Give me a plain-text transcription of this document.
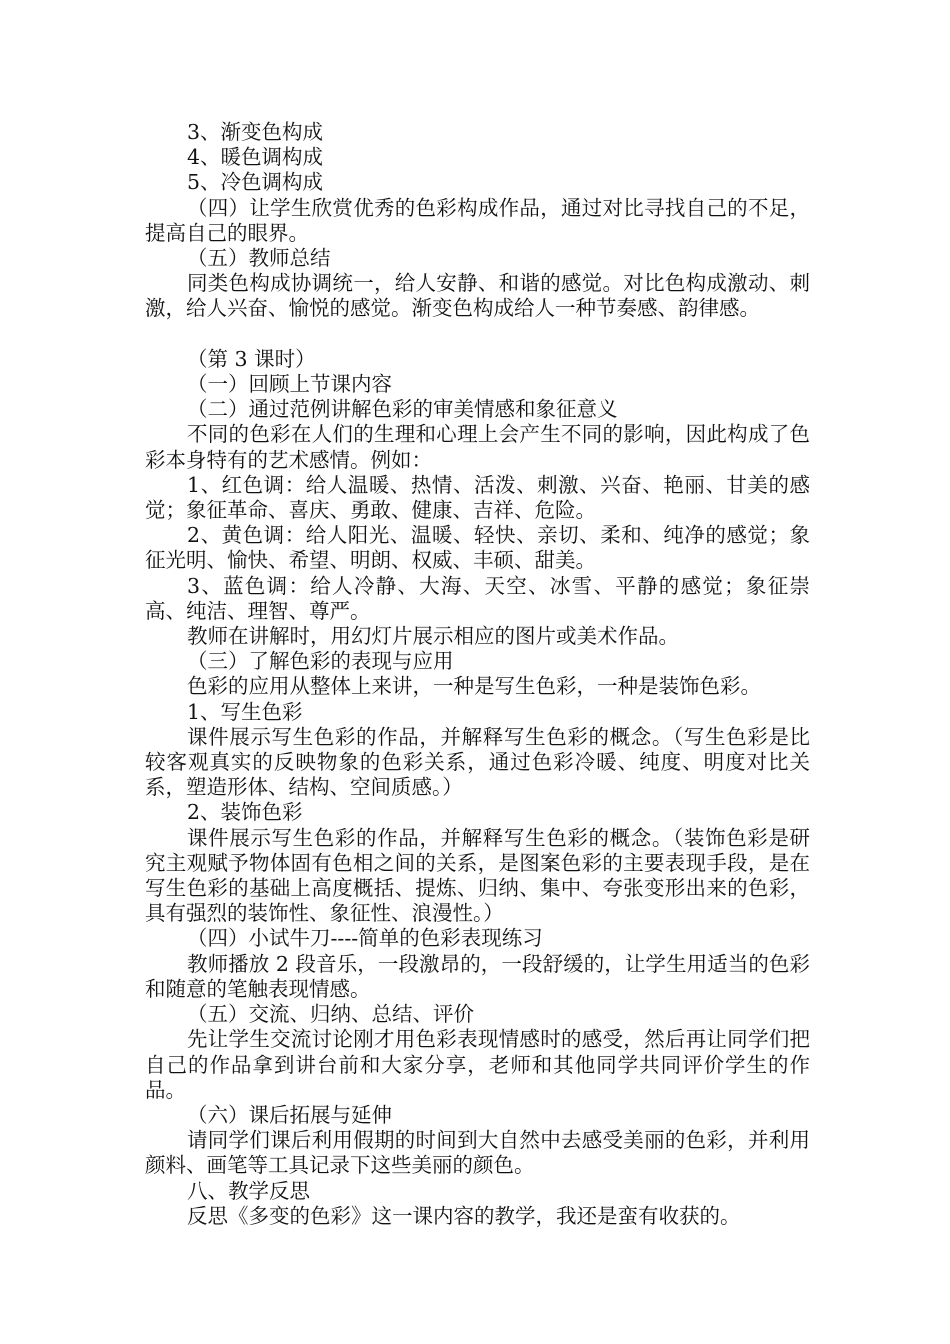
3、渐变色构成

4、暖色调构成

5、冷色调构成

（四）让学生欣赏优秀的色彩构成作品，通过对比寻找自己的不足，提高自己的眼界。

（五）教师总结

同类色构成协调统一，给人安静、和谐的感觉。对比色构成激动、刺激，给人兴奋、愉悦的感觉。渐变色构成给人一种节奏感、韵律感。

（第 3 课时）

（一）回顾上节课内容

（二）通过范例讲解色彩的审美情感和象征意义

不同的色彩在人们的生理和心理上会产生不同的影响，因此构成了色彩本身特有的艺术感情。例如：

1、红色调：给人温暖、热情、活泼、刺激、兴奋、艳丽、甘美的感觉；象征革命、喜庆、勇敢、健康、吉祥、危险。

2、黄色调：给人阳光、温暖、轻快、亲切、柔和、纯净的感觉；象征光明、愉快、希望、明朗、权威、丰硕、甜美。

3、蓝色调：给人冷静、大海、天空、冰雪、平静的感觉；象征崇高、纯洁、理智、尊严。

教师在讲解时，用幻灯片展示相应的图片或美术作品。

（三）了解色彩的表现与应用

色彩的应用从整体上来讲，一种是写生色彩，一种是装饰色彩。

1、写生色彩

课件展示写生色彩的作品，并解释写生色彩的概念。（写生色彩是比较客观真实的反映物象的色彩关系，通过色彩冷暖、纯度、明度对比关系，塑造形体、结构、空间质感。）

2、装饰色彩

课件展示写生色彩的作品，并解释写生色彩的概念。（装饰色彩是研究主观赋予物体固有色相之间的关系，是图案色彩的主要表现手段，是在写生色彩的基础上高度概括、提炼、归纳、集中、夸张变形出来的色彩，具有强烈的装饰性、象征性、浪漫性。）

（四）小试牛刀----简单的色彩表现练习

教师播放 2 段音乐，一段激昂的，一段舒缓的，让学生用适当的色彩和随意的笔触表现情感。

（五）交流、归纳、总结、评价

先让学生交流讨论刚才用色彩表现情感时的感受，然后再让同学们把自己的作品拿到讲台前和大家分享，老师和其他同学共同评价学生的作品。

（六）课后拓展与延伸

请同学们课后利用假期的时间到大自然中去感受美丽的色彩，并利用颜料、画笔等工具记录下这些美丽的颜色。

八、教学反思

反思《多变的色彩》这一课内容的教学，我还是蛮有收获的。
